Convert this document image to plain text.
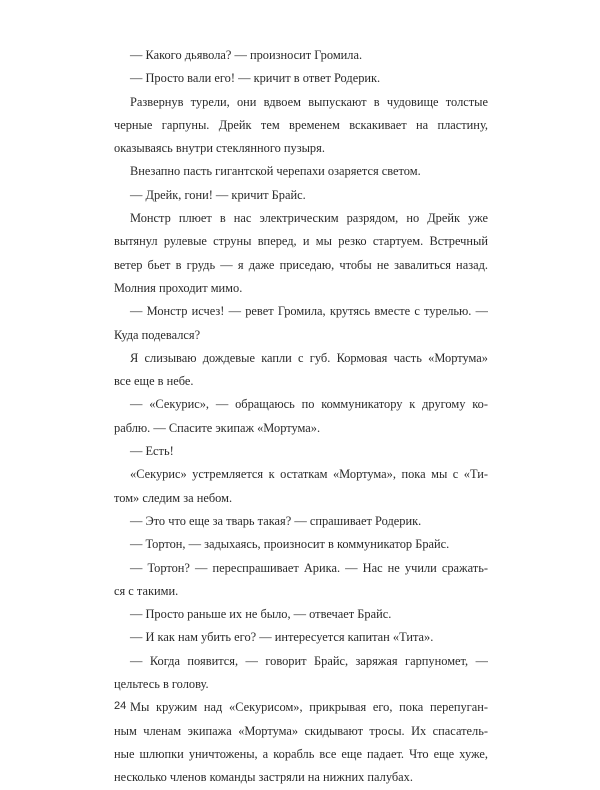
— Какого дьявола? — произносит Громила.
— Просто вали его! — кричит в ответ Родерик.
Развернув турели, они вдвоем выпускают в чудовище толстые
черные гарпуны. Дрейк тем временем вскакивает на пластину,
оказываясь внутри стеклянного пузыря.
Внезапно пасть гигантской черепахи озаряется светом.
— Дрейк, гони! — кричит Брайс.
Монстр плюет в нас электрическим разрядом, но Дрейк уже
вытянул рулевые струны вперед, и мы резко стартуем. Встречный
ветер бьет в грудь — я даже приседаю, чтобы не завалиться назад.
Молния проходит мимо.
— Монстр исчез! — ревет Громила, крутясь вместе с турелью. —
Куда подевался?
Я слизываю дождевые капли с губ. Кормовая часть «Мортума»
все еще в небе.
— «Секурис», — обращаюсь по коммуникатору к другому ко-
раблю. — Спасите экипаж «Мортума».
— Есть!
«Секурис» устремляется к остаткам «Мортума», пока мы с «Ти-
том» следим за небом.
— Это что еще за тварь такая? — спрашивает Родерик.
— Тортон, — задыхаясь, произносит в коммуникатор Брайс.
— Тортон? — переспрашивает Арика. — Нас не учили сражать-
ся с такими.
— Просто раньше их не было, — отвечает Брайс.
— И как нам убить его? — интересуется капитан «Тита».
— Когда появится, — говорит Брайс, заряжая гарпуномет, —
цельтесь в голову.
Мы кружим над «Секурисом», прикрывая его, пока перепуган-
ным членам экипажа «Мортума» скидывают тросы. Их спасатель-
ные шлюпки уничтожены, а корабль все еще падает. Что еще хуже,
несколько членов команды застряли на нижних палубах.
24
